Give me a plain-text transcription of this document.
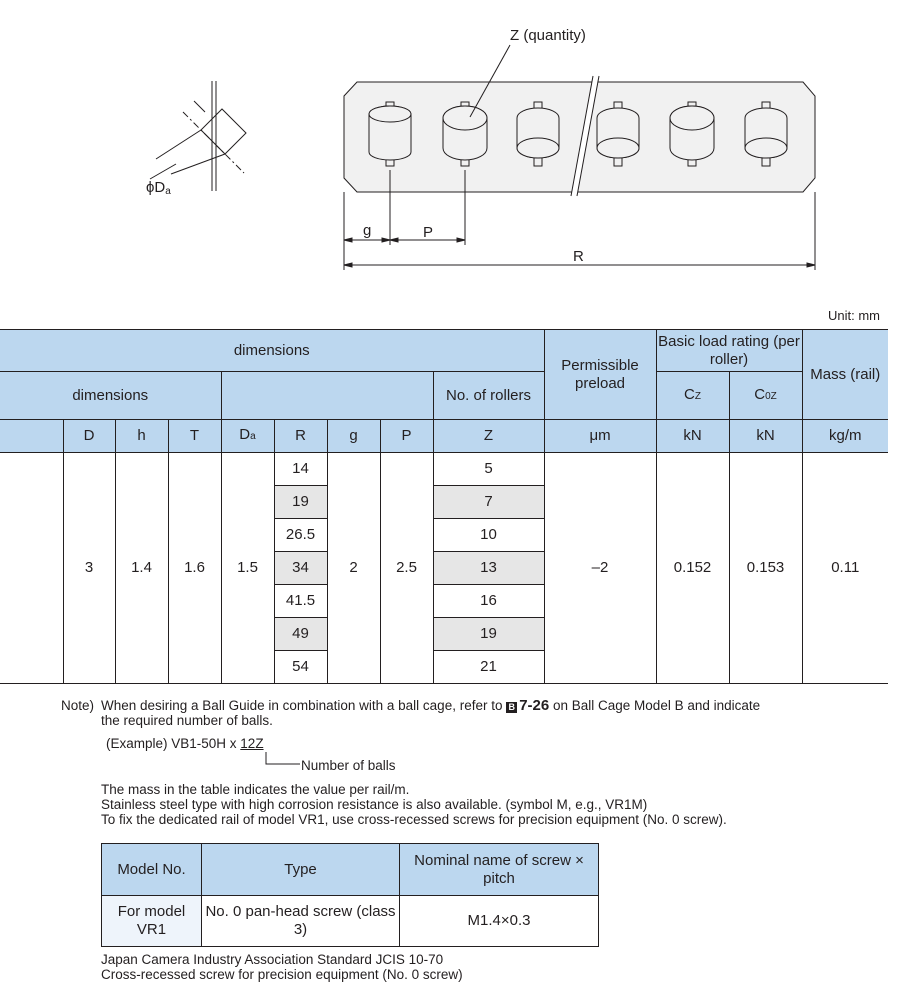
ϕDa
Z (quantity)
g	P
R
Unit: mm
dimensions									Permissible preload	Basic load rating (per roller)		Mass (rail)
dimensions								No. of rollers		CZ	C0Z	
	D	h	T	Da	R	g	P	Z	μm	kN	kN	kg/m
	3	1.4	1.6	1.5	14	2	2.5	5	–2	0.152	0.153	0.11
					19			7				
					26.5			10				
					34			13				
					41.5			16				
					49			19				
					54			21				
Note) When desiring a Ball Guide in combination with a ball cage, refer to B 7-26 on Ball Cage Model B and indicate
the required number of balls.
(Example) VB1-50H x 12Z
Number of balls
The mass in the table indicates the value per rail/m.
Stainless steel type with high corrosion resistance is also available. (symbol M, e.g., VR1M)
To fix the dedicated rail of model VR1, use cross-recessed screws for precision equipment (No. 0 screw).
Model No.	Type	Nominal name of screw × pitch
For model VR1	No. 0 pan-head screw (class 3)	M1.4×0.3
Japan Camera Industry Association Standard JCIS 10-70
Cross-recessed screw for precision equipment (No. 0 screw)
